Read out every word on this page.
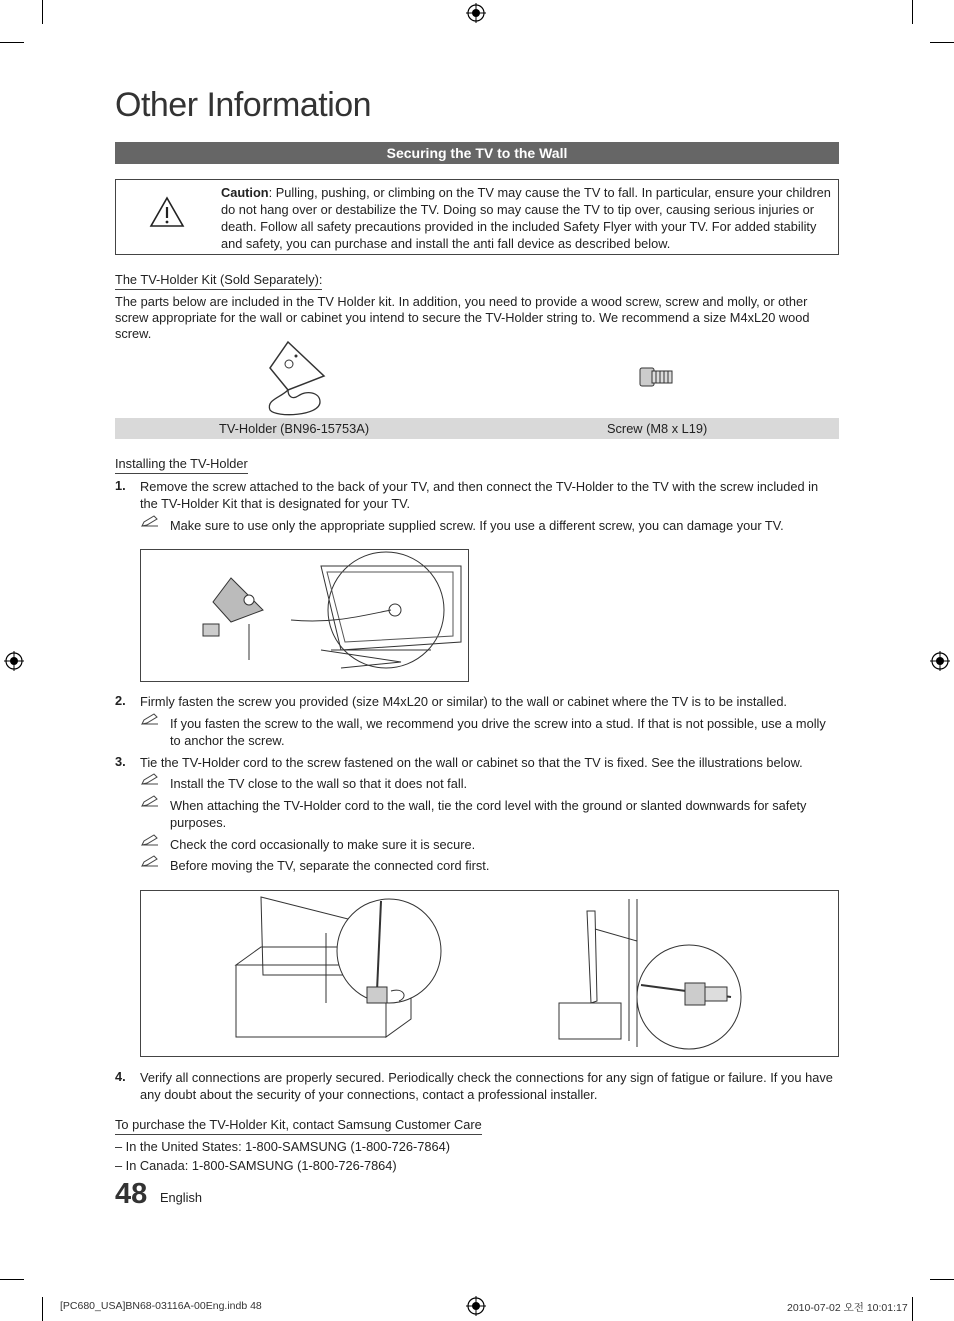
Other Information
Securing the TV to the Wall
Caution: Pulling, pushing, or climbing on the TV may cause the TV to fall. In particular, ensure your children do not hang over or destabilize the TV. Doing so may cause the TV to tip over, causing serious injuries or death. Follow all safety precautions provided in the included Safety Flyer with your TV. For added stability and safety, you can purchase and install the anti fall device as described below.
The TV-Holder Kit (Sold Separately):
The parts below are included in the TV Holder kit. In addition, you need to provide a wood screw, screw and molly, or other screw appropriate for the wall or cabinet you intend to secure the TV-Holder string to. We recommend a size M4xL20 wood screw.
TV-Holder (BN96-15753A)	Screw (M8 x L19)
Installing the TV-Holder
1. Remove the screw attached to the back of your TV, and then connect the TV-Holder to the TV with the screw included in the TV-Holder Kit that is designated for your TV.
Make sure to use only the appropriate supplied screw. If you use a different screw, you can damage your TV.
2. Firmly fasten the screw you provided (size M4xL20 or similar) to the wall or cabinet where the TV is to be installed.
If you fasten the screw to the wall, we recommend you drive the screw into a stud. If that is not possible, use a molly to anchor the screw.
3. Tie the TV-Holder cord to the screw fastened on the wall or cabinet so that the TV is fixed. See the illustrations below.
Install the TV close to the wall so that it does not fall.
When attaching the TV-Holder cord to the wall, tie the cord level with the ground or slanted downwards for safety purposes.
Check the cord occasionally to make sure it is secure.
Before moving the TV, separate the connected cord first.
4. Verify all connections are properly secured. Periodically check the connections for any sign of fatigue or failure. If you have any doubt about the security of your connections, contact a professional installer.
To purchase the TV-Holder Kit, contact Samsung Customer Care
– In the United States: 1-800-SAMSUNG (1-800-726-7864)
– In Canada: 1-800-SAMSUNG (1-800-726-7864)
48 English
[PC680_USA]BN68-03116A-00Eng.indb 48	2010-07-02 오전 10:01:17
